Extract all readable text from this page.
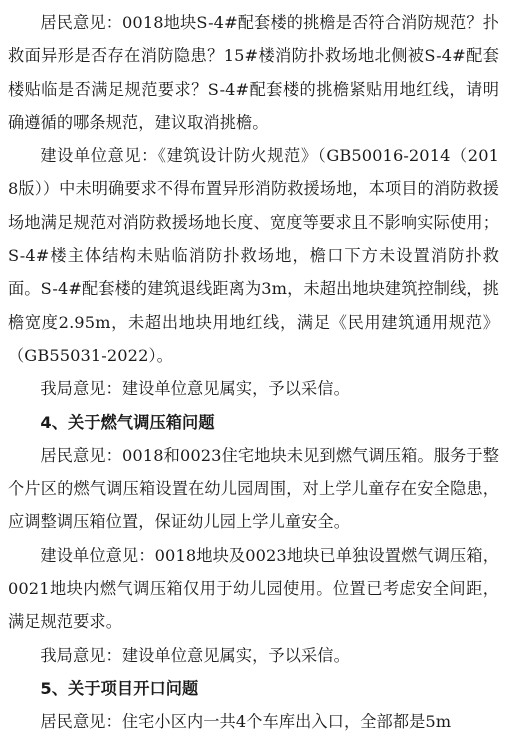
居民意见：0018地块S-4#配套楼的挑檐是否符合消防规范？扑救面异形是否存在消防隐患？15#楼消防扑救场地北侧被S-4#配套楼贴临是否满足规范要求？S-4#配套楼的挑檐紧贴用地红线，请明确遵循的哪条规范，建议取消挑檐。

建设单位意见：《建筑设计防火规范》（GB50016-2014（2018版））中未明确要求不得布置异形消防救援场地，本项目的消防救援场地满足规范对消防救援场地长度、宽度等要求且不影响实际使用；S-4#楼主体结构未贴临消防扑救场地，檐口下方未设置消防扑救面。S-4#配套楼的建筑退线距离为3m，未超出地块建筑控制线，挑檐宽度2.95m，未超出地块用地红线，满足《民用建筑通用规范》（GB55031-2022）。

我局意见：建设单位意见属实，予以采信。

4、关于燃气调压箱问题

居民意见：0018和0023住宅地块未见到燃气调压箱。服务于整个片区的燃气调压箱设置在幼儿园周围，对上学儿童存在安全隐患，应调整调压箱位置，保证幼儿园上学儿童安全。

建设单位意见：0018地块及0023地块已单独设置燃气调压箱，0021地块内燃气调压箱仅用于幼儿园使用。位置已考虑安全间距，满足规范要求。

我局意见：建设单位意见属实，予以采信。

5、关于项目开口问题

居民意见：住宅小区内一共4个车库出入口，全部都是5m
